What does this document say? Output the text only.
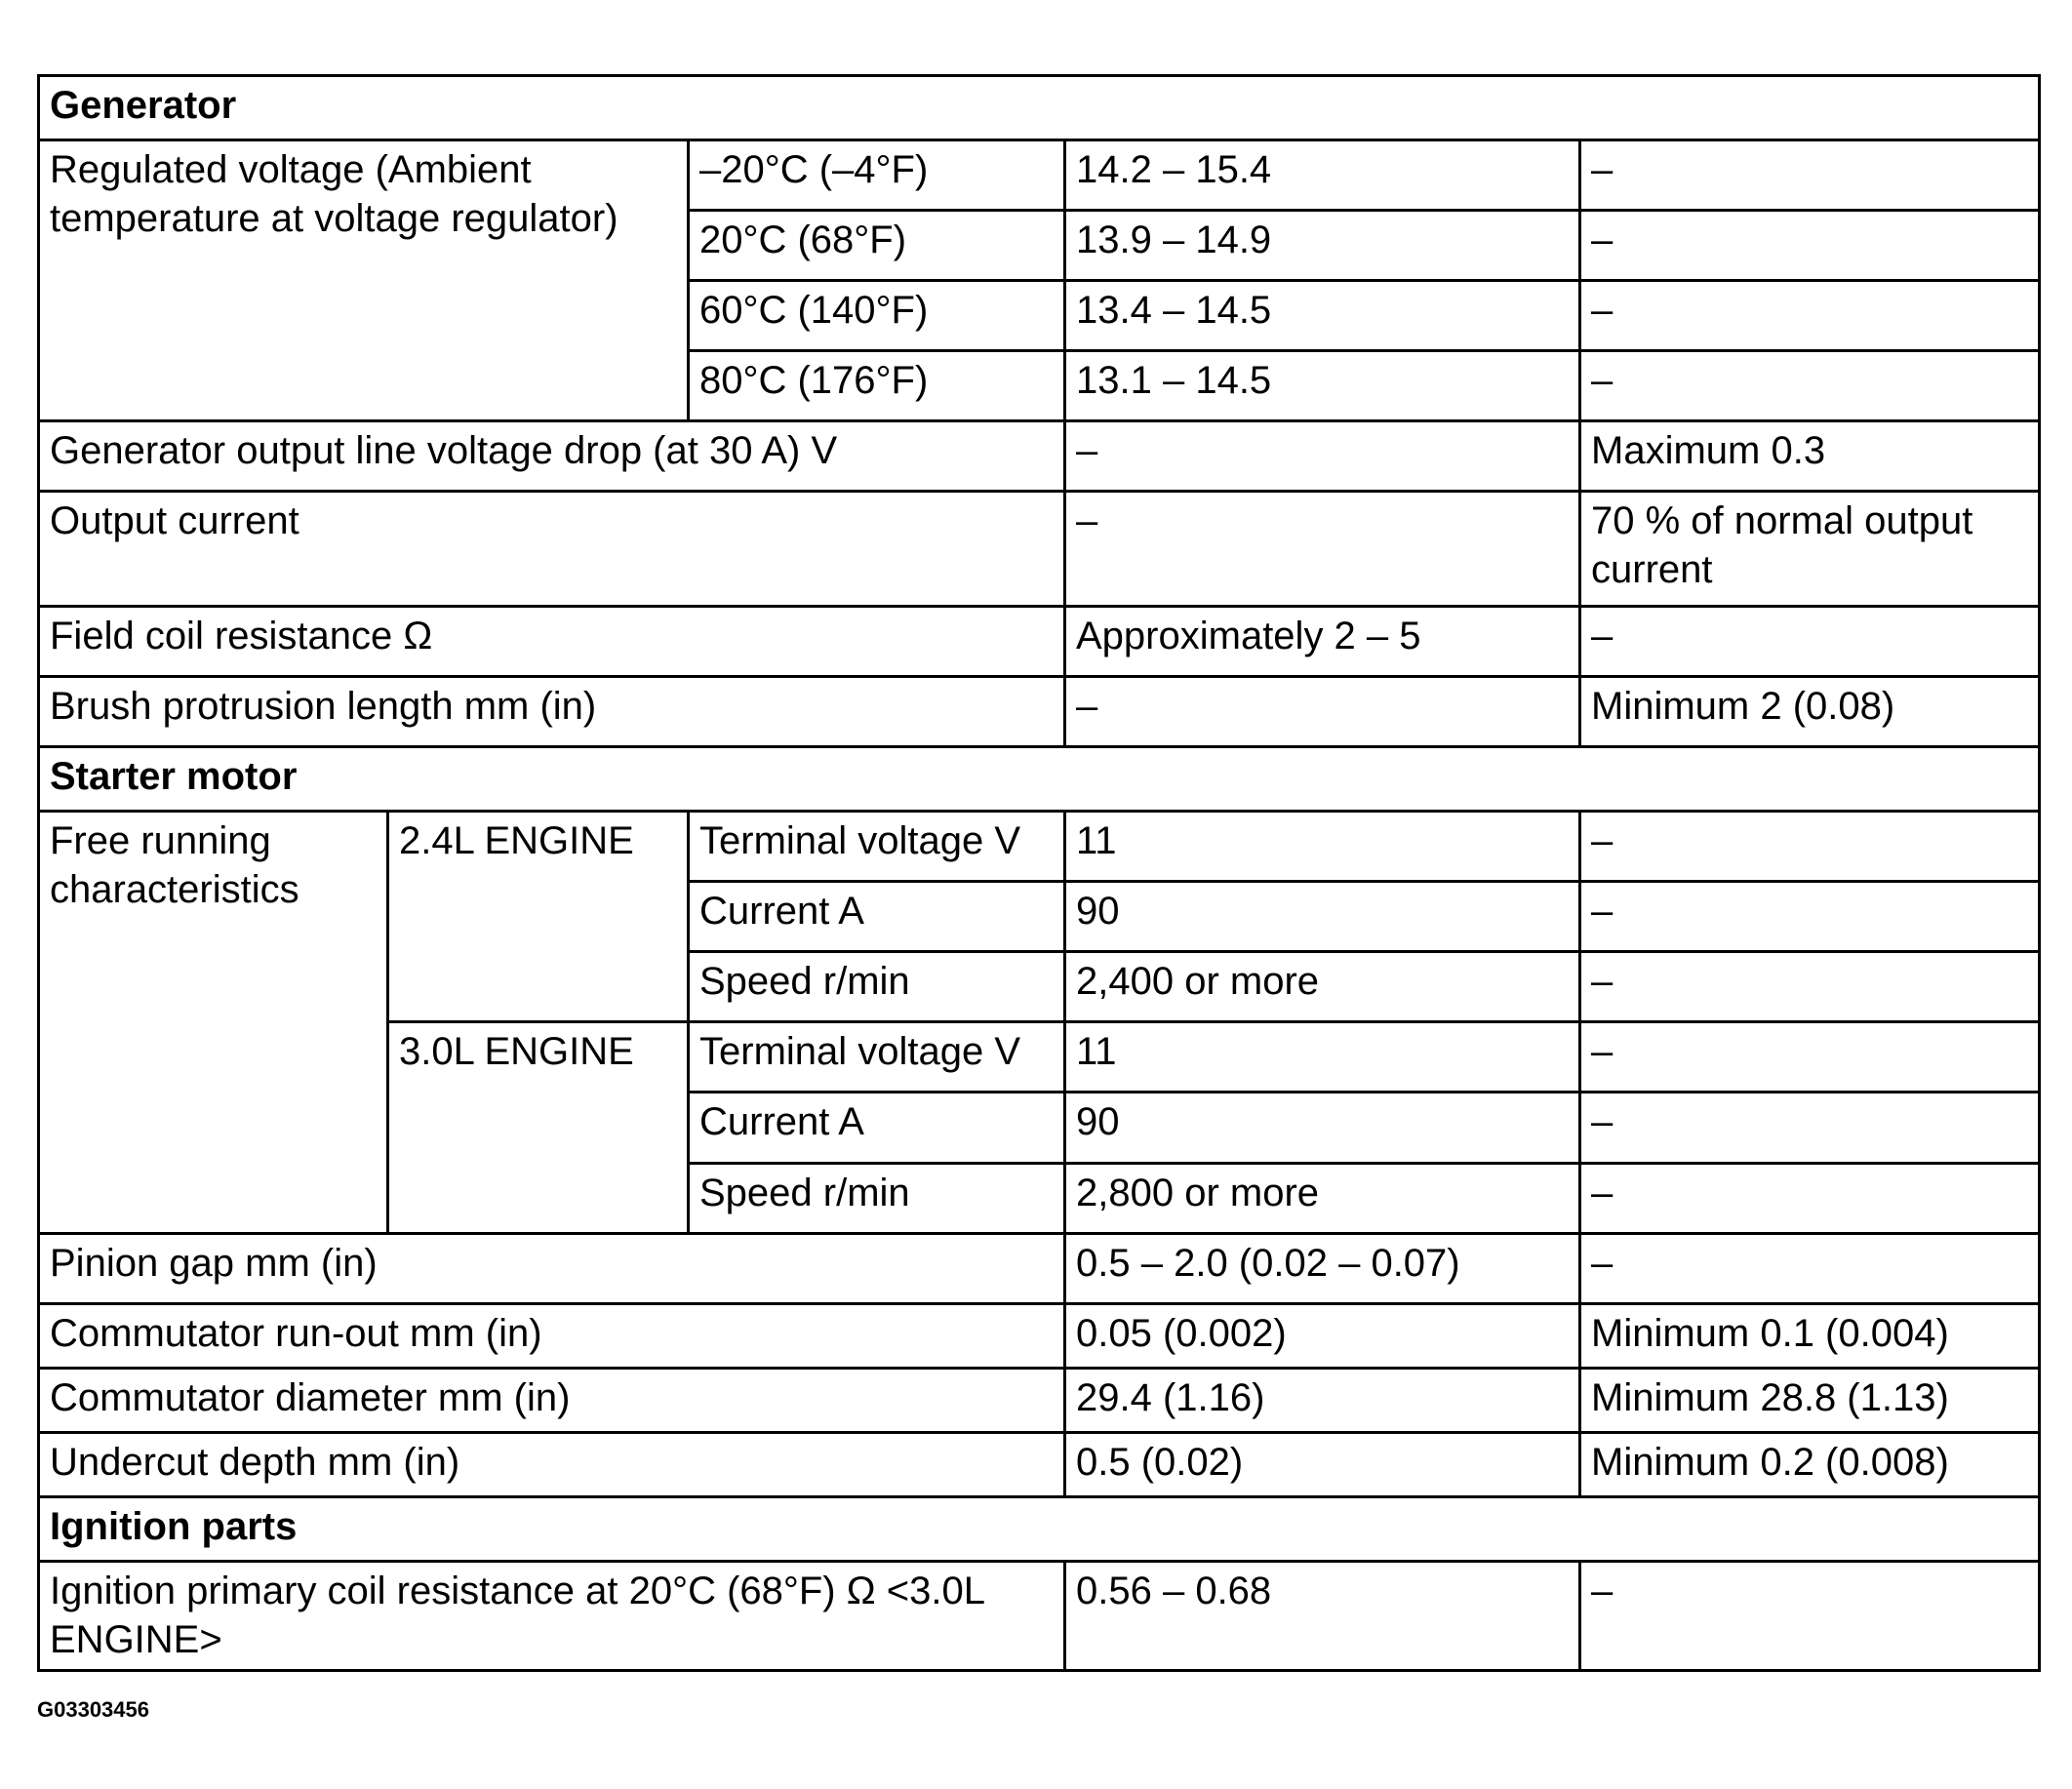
Generator				
Regulated voltage (Ambient temperature at voltage regulator)		–20°C (–4°F)	14.2 – 15.4	–
		20°C (68°F)	13.9 – 14.9	–
		60°C (140°F)	13.4 – 14.5	–
		80°C (176°F)	13.1 – 14.5	–
Generator output line voltage drop (at 30 A) V			–	Maximum 0.3
Output current			–	70 % of normal output current
Field coil resistance Ω			Approximately 2 – 5	–
Brush protrusion length mm (in)			–	Minimum 2 (0.08)
Starter motor				
Free running characteristics	2.4L ENGINE	Terminal voltage V	11	–
		Current A	90	–
		Speed r/min	2,400 or more	–
	3.0L ENGINE	Terminal voltage V	11	–
		Current A	90	–
		Speed r/min	2,800 or more	–
Pinion gap mm (in)			0.5 – 2.0 (0.02 – 0.07)	–
Commutator run-out mm (in)			0.05 (0.002)	Minimum 0.1 (0.004)
Commutator diameter mm (in)			29.4 (1.16)	Minimum 28.8 (1.13)
Undercut depth mm (in)			0.5 (0.02)	Minimum 0.2 (0.008)
Ignition parts				
Ignition primary coil resistance at 20°C (68°F) Ω <3.0L ENGINE>			0.56 – 0.68	–
G03303456
